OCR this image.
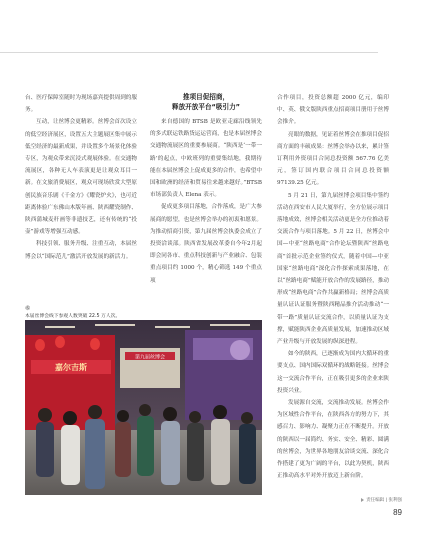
台、医疗保障室随时为现场嘉宾提供周到的服务。

互动，让丝博会更精彩。丝博会首次设立的低空经济展区，设置五大主题展区集中展示低空经济的最新成果，并设置多个场景化体验专区，为观众带来沉浸式观展体验。在交通物流展区，各种无人车表演更是让观众耳目一新。在文旅消费展区，观众可现场欣赏大型原创民族音乐剧《千金方》《耀瓷炉火》，也可近距离体验广东佛山木版年画、陕西耀瓷制作、陕西蒲城麦秆画等非遗技艺，还有传统的“投壶”游戏等增强互动感。

科技引领、服务升级、注重互动，本届丝博会以“国际范儿”激活开放发展的新活力。

推项目促招商，
释放开放平台“吸引力”

来自德国的 BTSB 是欧亚走廊沿线领先的多式联运铁路货运运营商，也是本届丝博会交通物流展区的重要参展商。“陕西是‘一带一路’的起点，中欧班列的重要集结地，我期待能在本届丝博会上促成更多的合作，也希望中国和欧洲的经济和贸易往来越来越好。”BTSB 市场部负责人 Elena 表示。

促成更多项目落地，合作落成，是广大参展商的愿望，也是丝博会举办的初衷和愿景。为推动招商引资，第九届丝博会执委会成立了投资洽谈部。陕西省发展改革委自今年2月起即会同各市、重点科技创新与产业融合、包装重点项目约 1000 个，精心筛选 149 个重点项

合作项目，投资总额超 2000 亿元，编印中、英、俄文版陕西重点招商项目册用于丝博会推介。

亮眼的数据，见证着丝博会在推项目促招商方面的丰硕成果：丝博会举办以来，累计签订利用外资项目合同总投资额 567.76 亿美元，签订国内联合项目合同总投资额 97139.25 亿元。

5 月 21 日，第九届丝博会项目集中签约活动在西安市人民大厦举行，全方位展示项目落地成效，丝博会相关活动更是全方位推动着交流合作与项目落地。5 月 22 日，丝博会中国—中亚“丝路电商”合作论坛暨陕西“丝路电商”首批示范企业签约仪式，随着中国—中亚国家“丝路电商”深化合作探索成果落地，在以“丝路电商”赋能开放合作的发展路径，推动形成“丝路电商”合作共赢新格局；丝博会高质量认证认证服务暨陕西精品推介活动推动“一带一路”质量认证交流合作，以质量认证为支撑，赋能陕西企业高质量发展，加速推动区域产业升级与开放发展的纵深进程。

如今的陕西，已逐渐成为国内大循环的重要支点、国内国际双循环的战略链接。丝博会这一交流合作平台，正在吸引更多的企业来陕投资兴业。

发展源自交流，交流推动发展。丝博会作为区域性合作平台，在陕西各方的努力下，其感召力、影响力、凝聚力正在不断提升。开放的陕西以一届简约、务实、安全、精彩、圆满的丝博会，为世界各地朋友洽谈交流、深化合作搭建了更为广阔的平台，以此为契机，陕西正推动高水平对外开放迈上新台阶。

⑥
本届丝博会线下参观人数突破 22.5 万人次。
第九届丝博会
嘉尔吉斯
责任编辑 | 张利强
89
